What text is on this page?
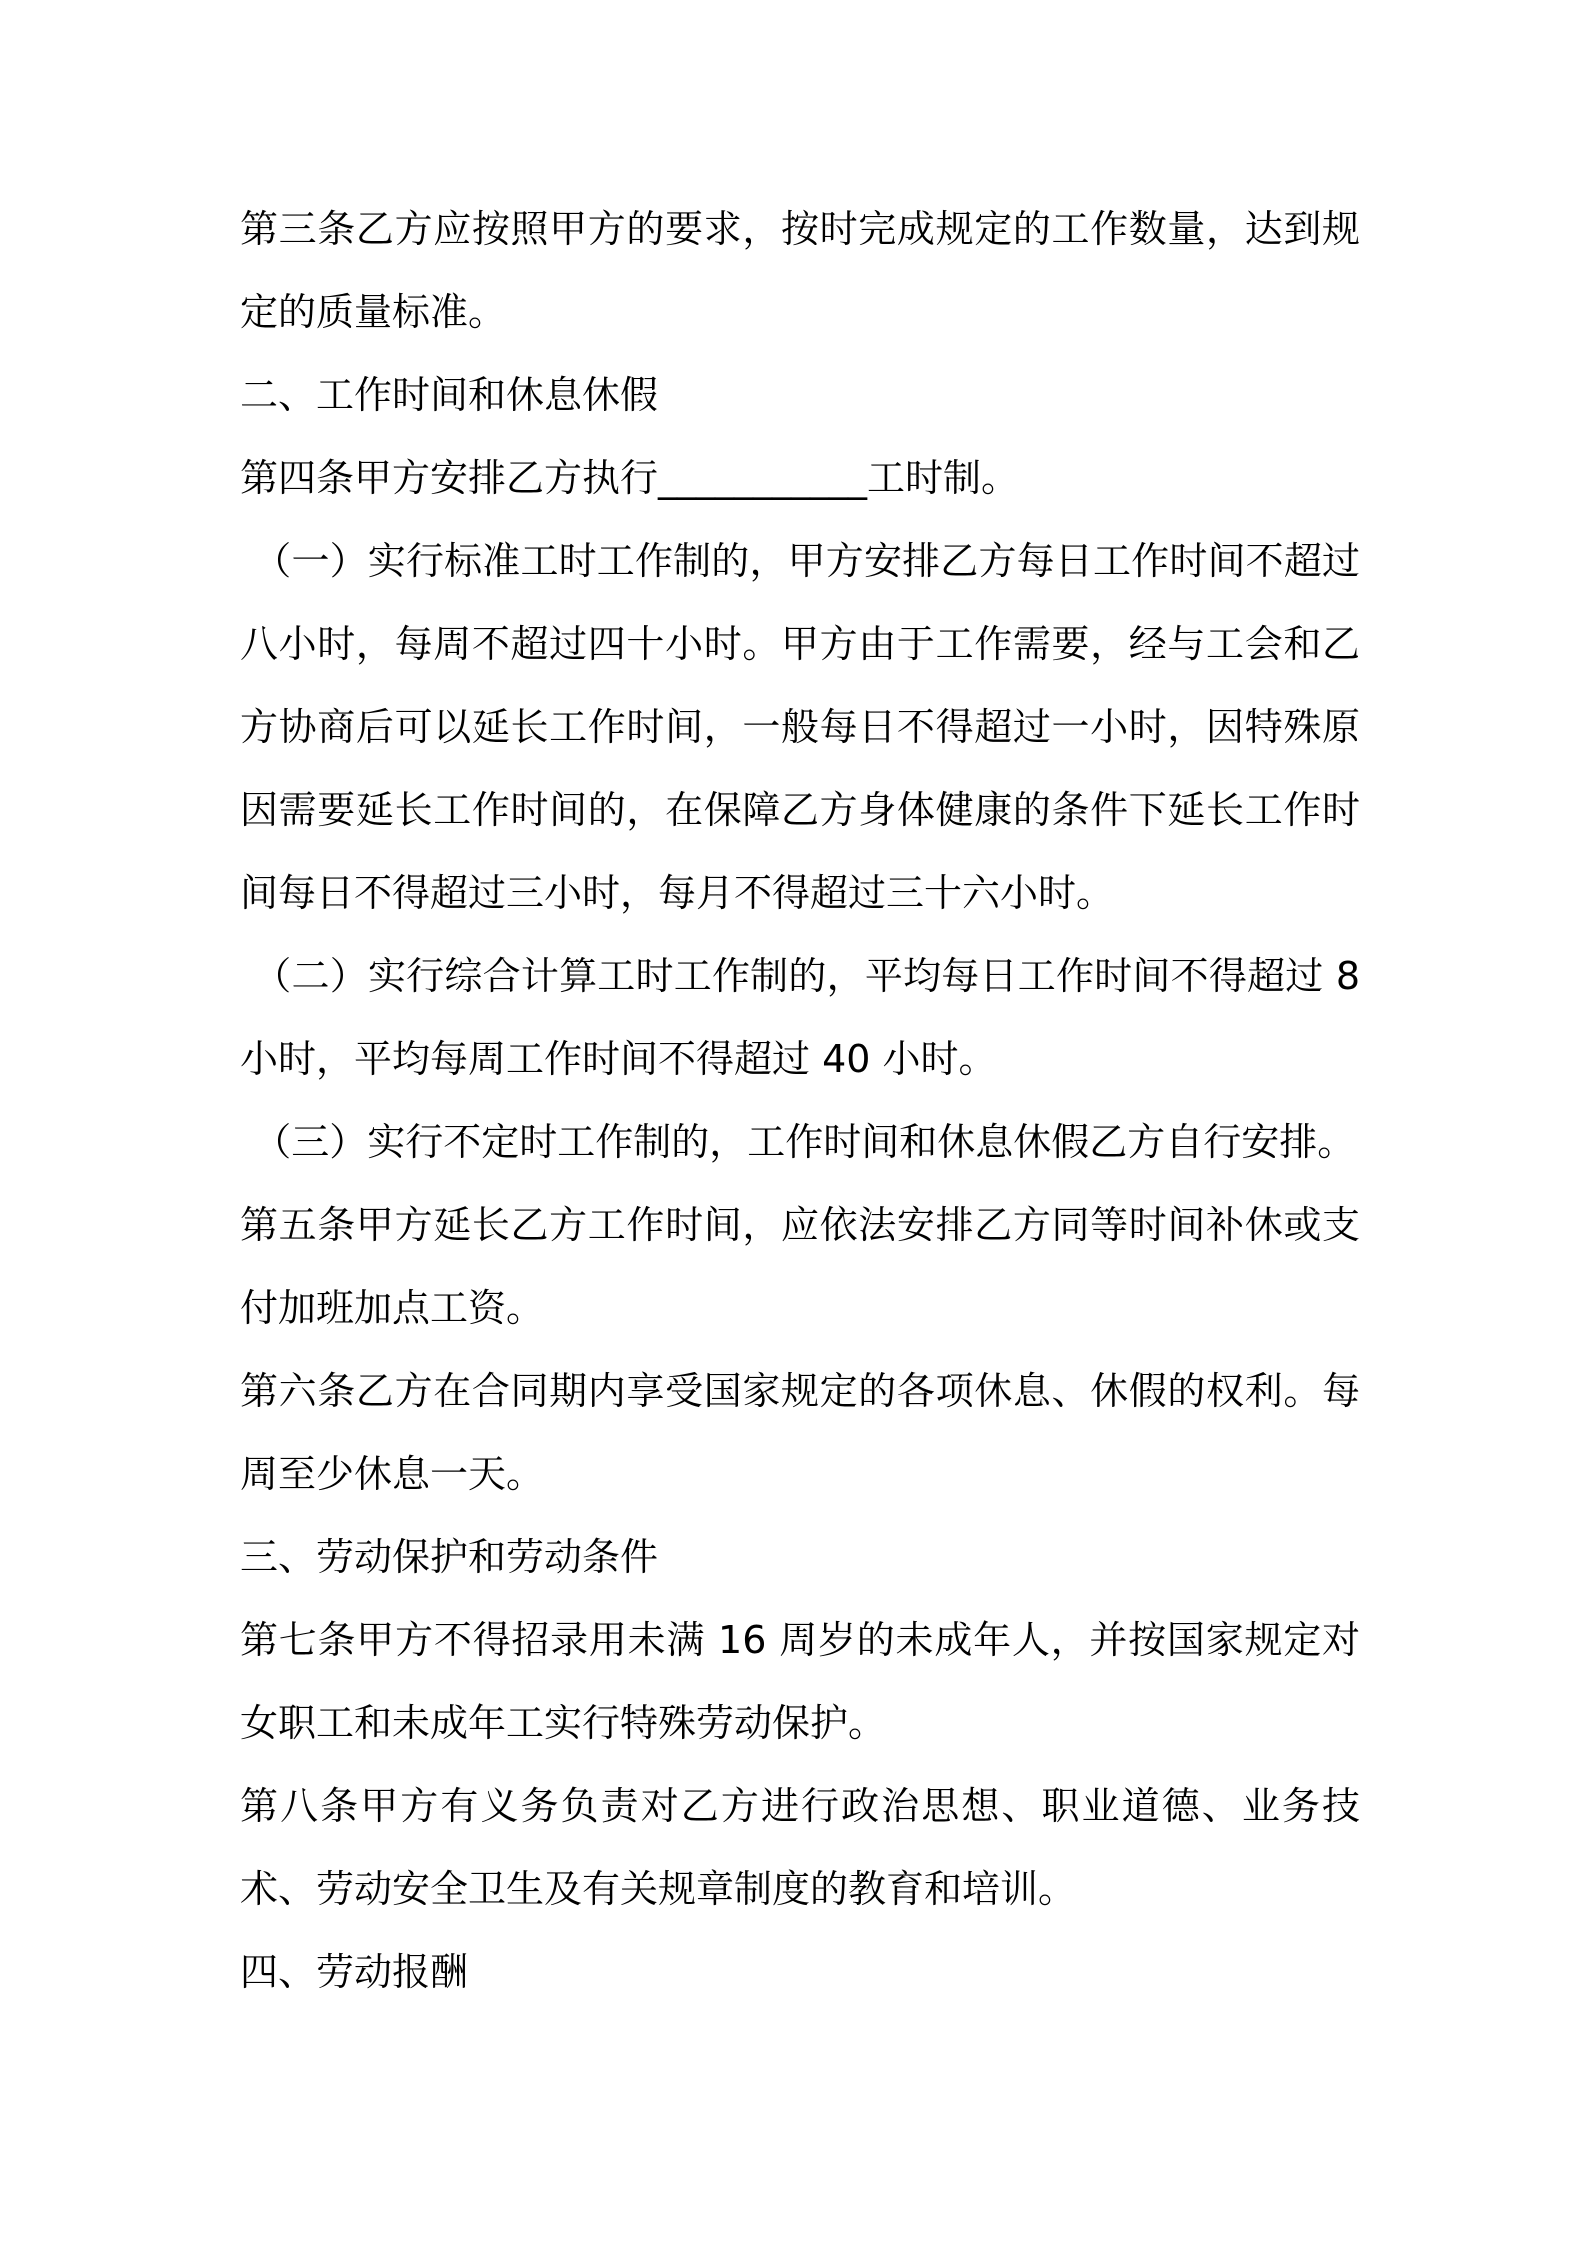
第三条乙方应按照甲方的要求，按时完成规定的工作数量，达到规定的质量标准。

二、工作时间和休息休假

第四条甲方安排乙方执行___________工时制。

（一）实行标准工时工作制的，甲方安排乙方每日工作时间不超过八小时，每周不超过四十小时。甲方由于工作需要，经与工会和乙方协商后可以延长工作时间，一般每日不得超过一小时，因特殊原因需要延长工作时间的，在保障乙方身体健康的条件下延长工作时间每日不得超过三小时，每月不得超过三十六小时。

（二）实行综合计算工时工作制的，平均每日工作时间不得超过 8 小时，平均每周工作时间不得超过 40 小时。

（三）实行不定时工作制的，工作时间和休息休假乙方自行安排。

第五条甲方延长乙方工作时间，应依法安排乙方同等时间补休或支付加班加点工资。

第六条乙方在合同期内享受国家规定的各项休息、休假的权利。每周至少休息一天。

三、劳动保护和劳动条件

第七条甲方不得招录用未满 16 周岁的未成年人，并按国家规定对女职工和未成年工实行特殊劳动保护。

第八条甲方有义务负责对乙方进行政治思想、职业道德、业务技术、劳动安全卫生及有关规章制度的教育和培训。

四、劳动报酬
